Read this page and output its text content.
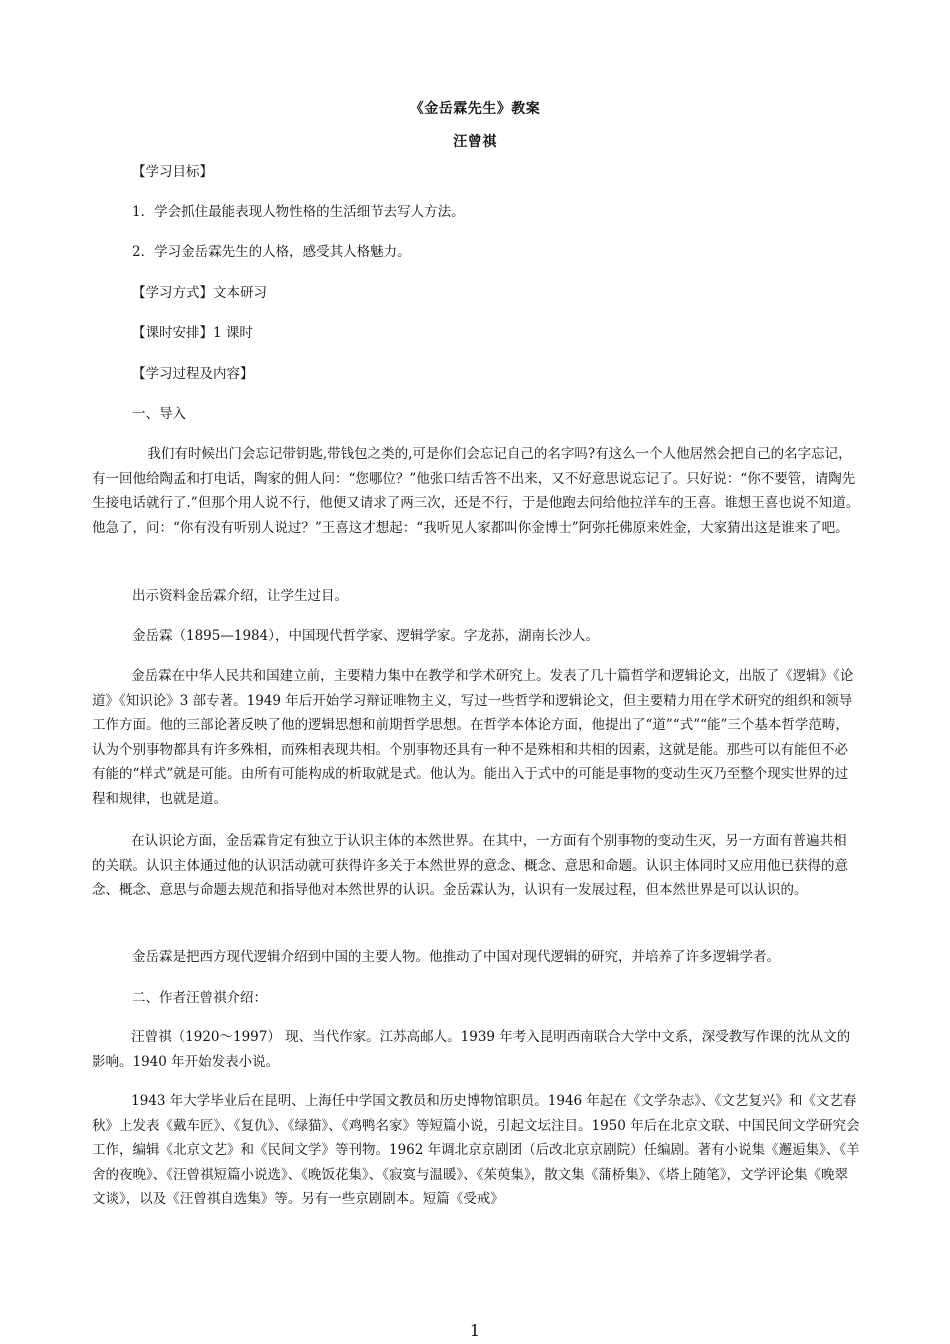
《金岳霖先生》教案
汪曾祺
【学习目标】
1．学会抓住最能表现人物性格的生活细节去写人方法。
2．学习金岳霖先生的人格，感受其人格魅力。
【学习方式】文本研习
【课时安排】1 课时
【学习过程及内容】
一、导入

我们有时候出门会忘记带钥匙,带钱包之类的,可是你们会忘记自己的名字吗?有这么一个人他居然会把自己的名字忘记，有一回他给陶孟和打电话，陶家的佣人问：“您哪位？”他张口结舌答不出来，又不好意思说忘记了。只好说：“你不要管，请陶先生接电话就行了.”但那个用人说不行，他便又请求了两三次，还是不行，于是他跑去问给他拉洋车的王喜。谁想王喜也说不知道。他急了，问：“你有没有听别人说过？”王喜这才想起：“我听见人家都叫你金博士”阿弥托佛原来姓金，大家猜出这是谁来了吧。

出示资料金岳霖介绍，让学生过目。
金岳霖（1895—1984），中国现代哲学家、逻辑学家。字龙荪，湖南长沙人。

金岳霖在中华人民共和国建立前，主要精力集中在教学和学术研究上。发表了几十篇哲学和逻辑论文，出版了《逻辑》《论道》《知识论》3 部专著。1949 年后开始学习辩证唯物主义，写过一些哲学和逻辑论文，但主要精力用在学术研究的组织和领导工作方面。他的三部论著反映了他的逻辑思想和前期哲学思想。在哲学本体论方面，他提出了“道”“式”“能”三个基本哲学范畴，认为个别事物都具有许多殊相，而殊相表现共相。个别事物还具有一种不是殊相和共相的因素，这就是能。那些可以有能但不必有能的“样式”就是可能。由所有可能构成的析取就是式。他认为。能出入于式中的可能是事物的变动生灭乃至整个现实世界的过程和规律，也就是道。

在认识论方面，金岳霖肯定有独立于认识主体的本然世界。在其中，一方面有个别事物的变动生灭，另一方面有普遍共相的关联。认识主体通过他的认识活动就可获得许多关于本然世界的意念、概念、意思和命题。认识主体同时又应用他已获得的意念、概念、意思与命题去规范和指导他对本然世界的认识。金岳霖认为，认识有一发展过程，但本然世界是可以认识的。

金岳霖是把西方现代逻辑介绍到中国的主要人物。他推动了中国对现代逻辑的研究，并培养了许多逻辑学者。
二、作者汪曾祺介绍：

汪曾祺（1920～1997） 现、当代作家。江苏高邮人。1939 年考入昆明西南联合大学中文系，深受教写作课的沈从文的影响。1940 年开始发表小说。

1943 年大学毕业后在昆明、上海任中学国文教员和历史博物馆职员。1946 年起在《文学杂志》、《文艺复兴》和《文艺春秋》上发表《戴车匠》、《复仇》、《绿猫》、《鸡鸭名家》等短篇小说，引起文坛注目。1950 年后在北京文联、中国民间文学研究会工作，编辑《北京文艺》和《民间文学》等刊物。1962 年调北京京剧团（后改北京京剧院）任编剧。著有小说集《邂逅集》、《羊舍的夜晚》、《汪曾祺短篇小说选》、《晚饭花集》、《寂寞与温暖》、《茱萸集》，散文集《蒲桥集》、《塔上随笔》，文学评论集《晚翠文谈》，以及《汪曾祺自选集》等。另有一些京剧剧本。短篇《受戒》

1
